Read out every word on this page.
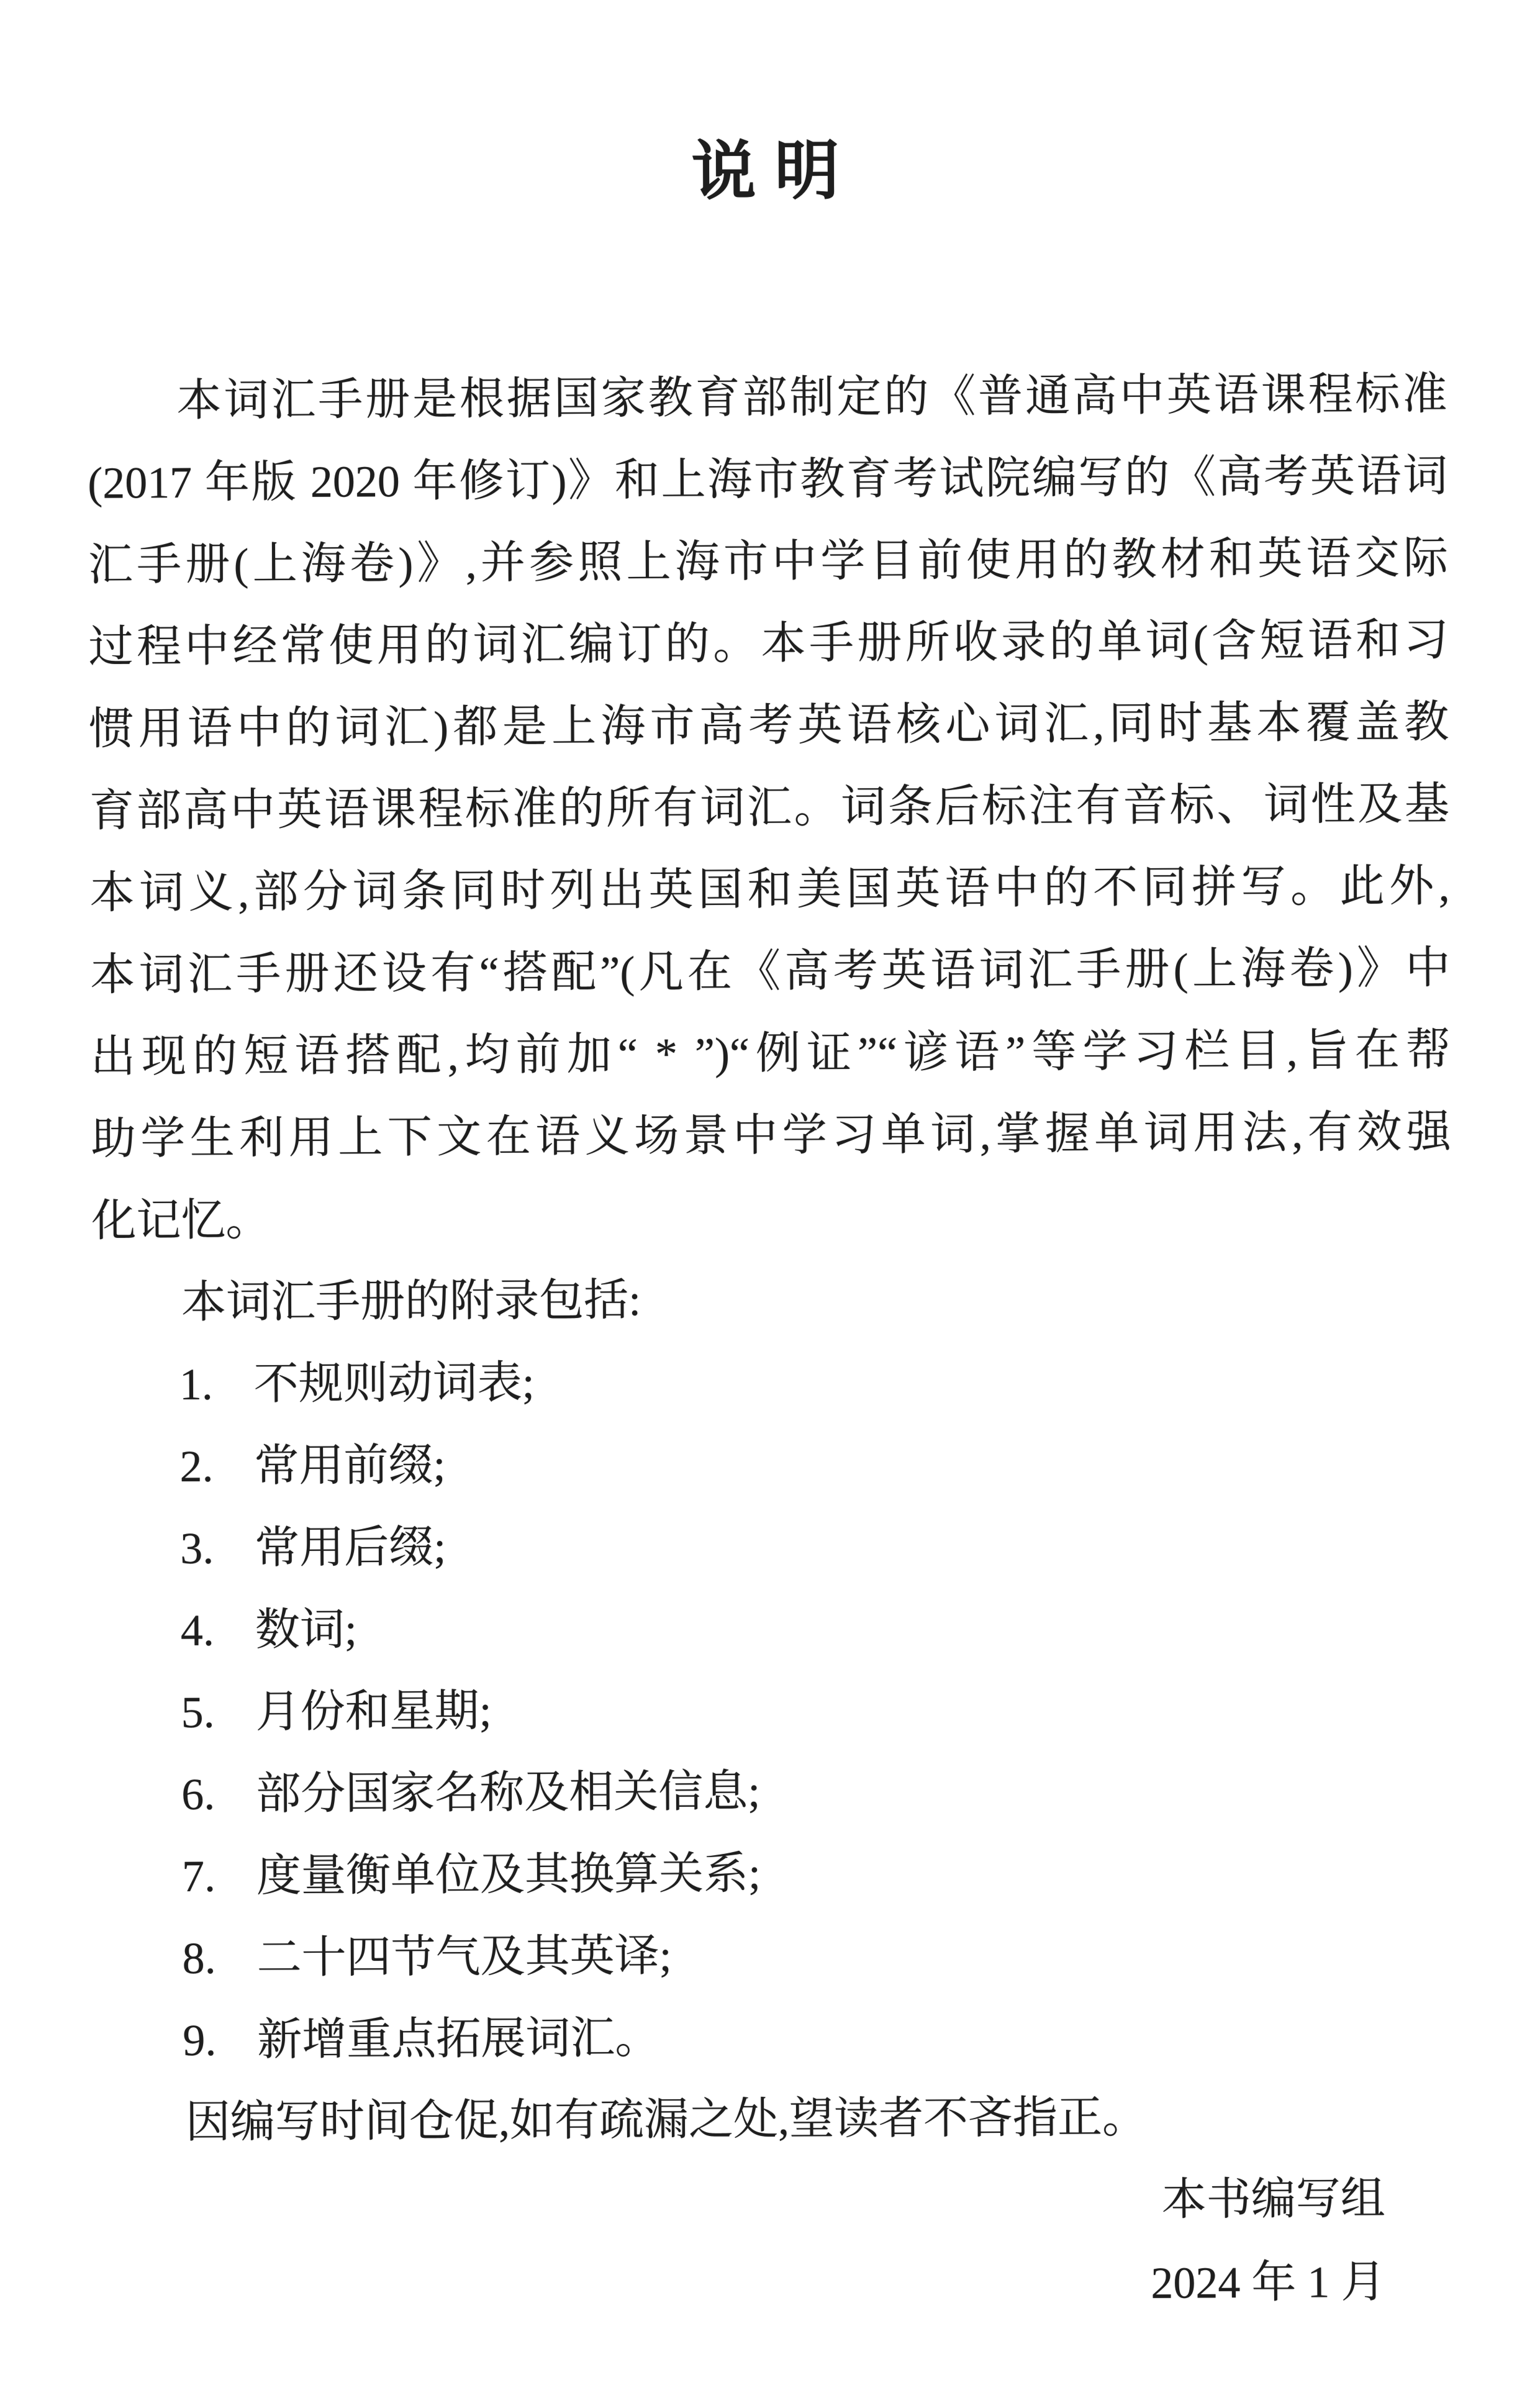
说 明
本词汇手册是根据国家教育部制定的《普通高中英语课程标准
(2017 年版 2020 年修订)》和上海市教育考试院编写的《高考英语词
汇手册(上海卷)》,并参照上海市中学目前使用的教材和英语交际
过程中经常使用的词汇编订的。本手册所收录的单词(含短语和习
惯用语中的词汇)都是上海市高考英语核心词汇,同时基本覆盖教
育部高中英语课程标准的所有词汇。词条后标注有音标、词性及基
本词义,部分词条同时列出英国和美国英语中的不同拼写。此外,
本词汇手册还设有“搭配”(凡在《高考英语词汇手册(上海卷)》中
出现的短语搭配,均前加“ * ”)“例证”“谚语”等学习栏目,旨在帮
助学生利用上下文在语义场景中学习单词,掌握单词用法,有效强
化记忆。
本词汇手册的附录包括:
1. 不规则动词表;
2. 常用前缀;
3. 常用后缀;
4. 数词;
5. 月份和星期;
6. 部分国家名称及相关信息;
7. 度量衡单位及其换算关系;
8. 二十四节气及其英译;
9. 新增重点拓展词汇。
因编写时间仓促,如有疏漏之处,望读者不吝指正。
本书编写组
2024 年 1 月
